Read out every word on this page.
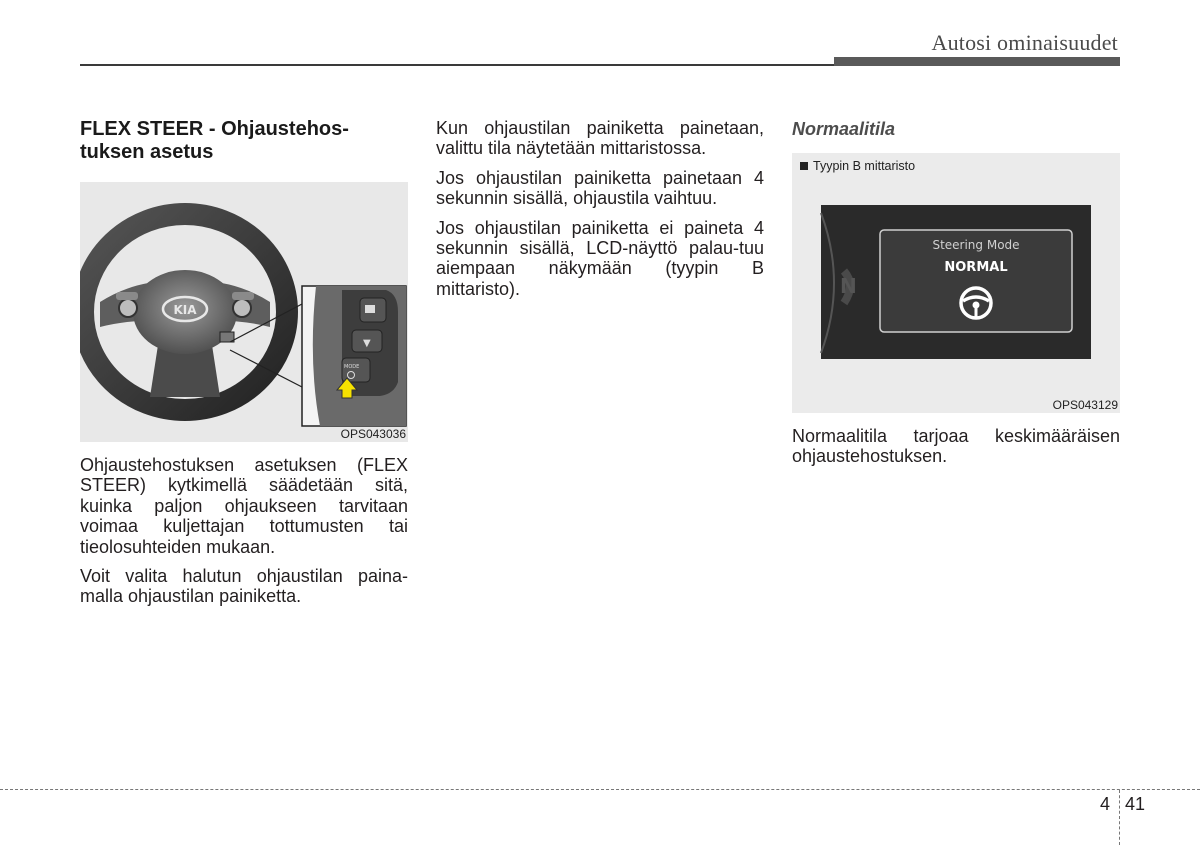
Autosi ominaisuudet
FLEX STEER - Ohjaustehos-
tuksen asetus
KIA
▼
MODE
OPS043036

Ohjaustehostuksen asetuksen (FLEX STEER) kytkimellä säädetään sitä, kuinka paljon ohjaukseen tarvitaan voimaa kuljettajan tottumusten tai tieolosuhteiden mukaan.

Voit valita halutun ohjaustilan paina-malla ohjaustilan painiketta.

Kun ohjaustilan painiketta painetaan, valittu tila näytetään mittaristossa.

Jos ohjaustilan painiketta painetaan 4 sekunnin sisällä, ohjaustila vaihtuu.

Jos ohjaustilan painiketta ei paineta 4 sekunnin sisällä, LCD-näyttö palau-tuu aiempaan näkymään (tyypin B mittaristo).

Normaalitila
Tyypin B mittaristo
N
Steering Mode
NORMAL
OPS043129

Normaalitila tarjoaa keskimääräisen ohjaustehostuksen.

4 41
